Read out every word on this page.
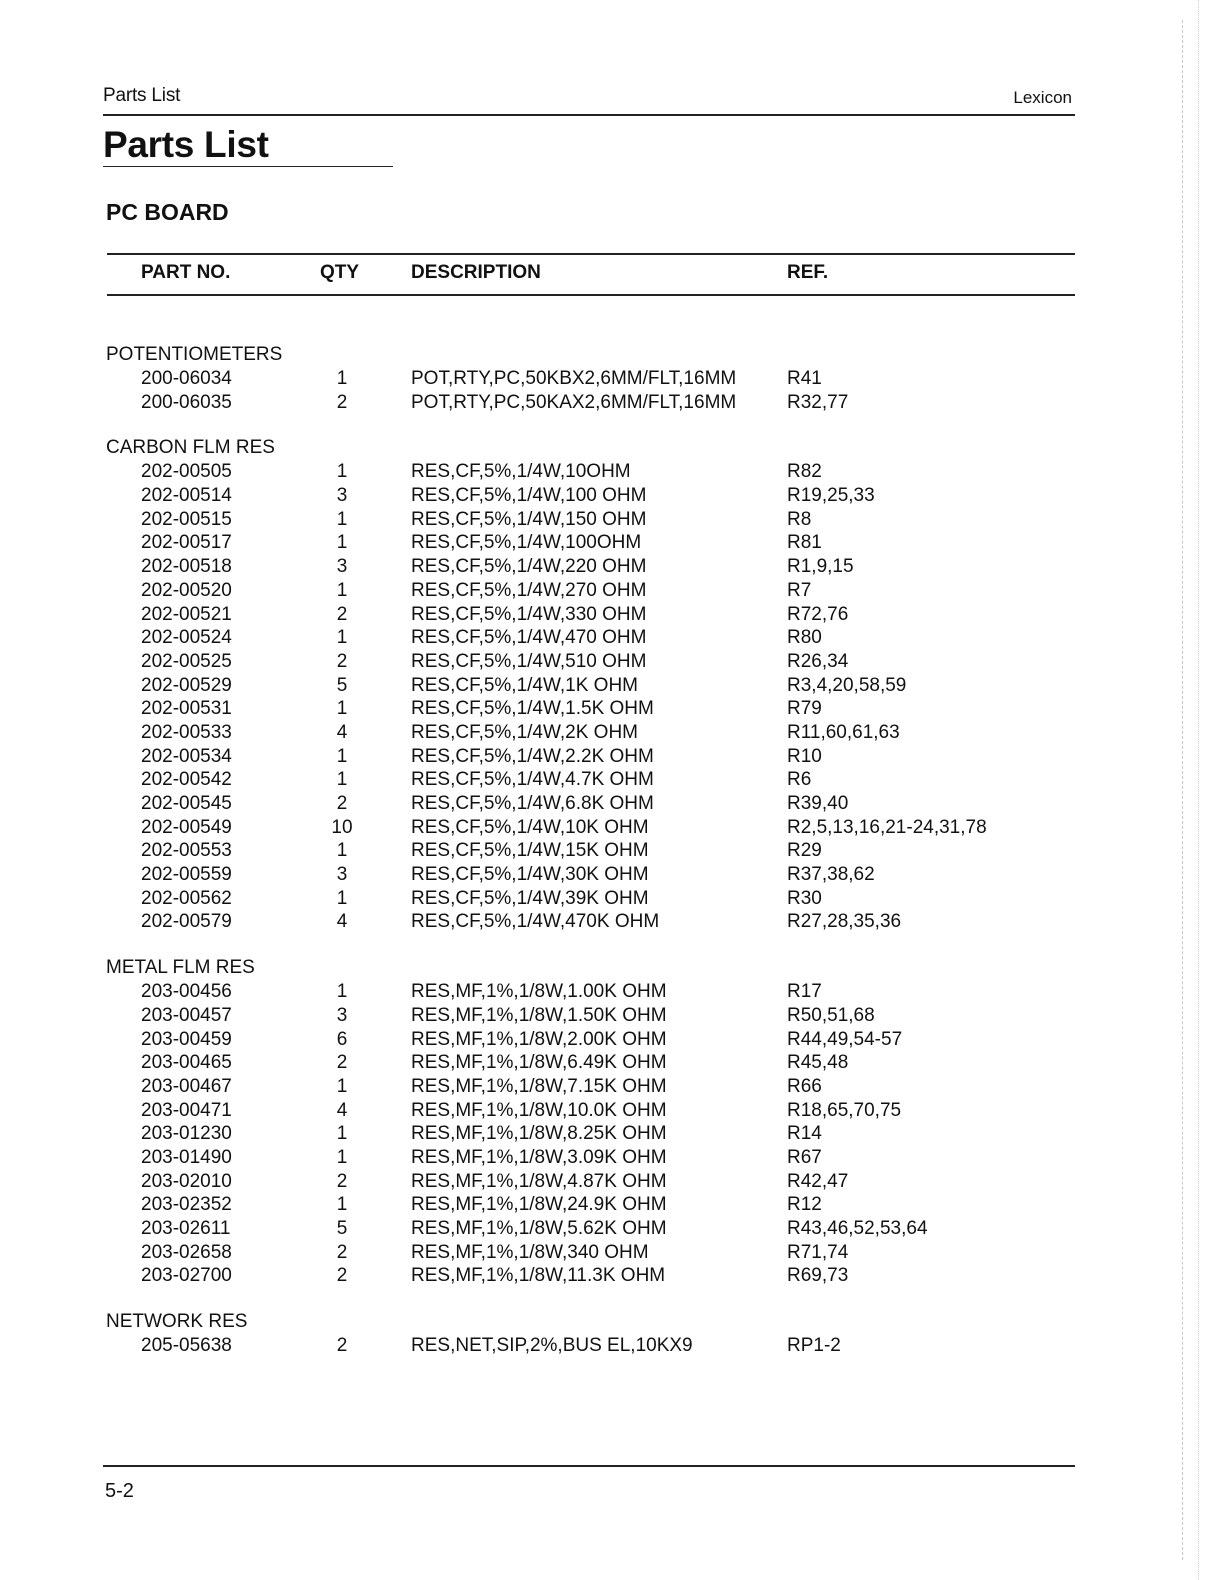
Parts List	Lexicon
Parts List
PC BOARD
PART NO.	QTY	DESCRIPTION	REF.
POTENTIOMETERS
200-06034	1	POT,RTY,PC,50KBX2,6MM/FLT,16MM	R41
200-06035	2	POT,RTY,PC,50KAX2,6MM/FLT,16MM	R32,77
CARBON FLM RES
202-00505	1	RES,CF,5%,1/4W,10OHM	R82
202-00514	3	RES,CF,5%,1/4W,100 OHM	R19,25,33
202-00515	1	RES,CF,5%,1/4W,150 OHM	R8
202-00517	1	RES,CF,5%,1/4W,100OHM	R81
202-00518	3	RES,CF,5%,1/4W,220 OHM	R1,9,15
202-00520	1	RES,CF,5%,1/4W,270 OHM	R7
202-00521	2	RES,CF,5%,1/4W,330 OHM	R72,76
202-00524	1	RES,CF,5%,1/4W,470 OHM	R80
202-00525	2	RES,CF,5%,1/4W,510 OHM	R26,34
202-00529	5	RES,CF,5%,1/4W,1K OHM	R3,4,20,58,59
202-00531	1	RES,CF,5%,1/4W,1.5K OHM	R79
202-00533	4	RES,CF,5%,1/4W,2K OHM	R11,60,61,63
202-00534	1	RES,CF,5%,1/4W,2.2K OHM	R10
202-00542	1	RES,CF,5%,1/4W,4.7K OHM	R6
202-00545	2	RES,CF,5%,1/4W,6.8K OHM	R39,40
202-00549	10	RES,CF,5%,1/4W,10K OHM	R2,5,13,16,21-24,31,78
202-00553	1	RES,CF,5%,1/4W,15K OHM	R29
202-00559	3	RES,CF,5%,1/4W,30K OHM	R37,38,62
202-00562	1	RES,CF,5%,1/4W,39K OHM	R30
202-00579	4	RES,CF,5%,1/4W,470K OHM	R27,28,35,36
METAL FLM RES
203-00456	1	RES,MF,1%,1/8W,1.00K OHM	R17
203-00457	3	RES,MF,1%,1/8W,1.50K OHM	R50,51,68
203-00459	6	RES,MF,1%,1/8W,2.00K OHM	R44,49,54-57
203-00465	2	RES,MF,1%,1/8W,6.49K OHM	R45,48
203-00467	1	RES,MF,1%,1/8W,7.15K OHM	R66
203-00471	4	RES,MF,1%,1/8W,10.0K OHM	R18,65,70,75
203-01230	1	RES,MF,1%,1/8W,8.25K OHM	R14
203-01490	1	RES,MF,1%,1/8W,3.09K OHM	R67
203-02010	2	RES,MF,1%,1/8W,4.87K OHM	R42,47
203-02352	1	RES,MF,1%,1/8W,24.9K OHM	R12
203-02611	5	RES,MF,1%,1/8W,5.62K OHM	R43,46,52,53,64
203-02658	2	RES,MF,1%,1/8W,340 OHM	R71,74
203-02700	2	RES,MF,1%,1/8W,11.3K OHM	R69,73
NETWORK RES
205-05638	2	RES,NET,SIP,2%,BUS EL,10KX9	RP1-2
5-2
